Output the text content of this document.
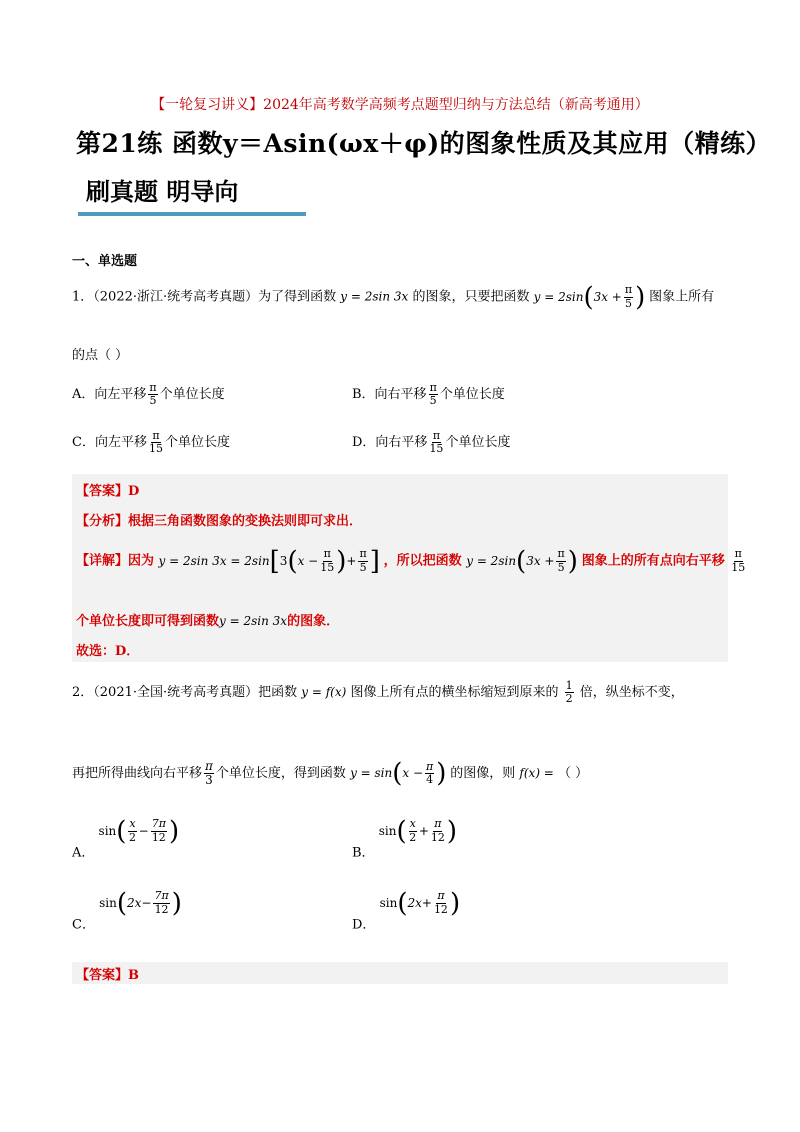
【一轮复习讲义】2024年高考数学高频考点题型归纳与方法总结（新高考通用）
第21练 函数y＝Asin(ωx＋φ)的图象性质及其应用（精练）
刷真题 明导向
一、单选题
1．（2022·浙江·统考高考真题）为了得到函数 y = 2sin 3x 的图象，只要把函数 $y = 2\sin(3x + \frac{\pi}{5}$ ) 图象上所有
的点（ ）
A．向左平移 $\frac{\pi}{5}$ 个单位长度	B．向右平移 $\frac{\pi}{5}$ 个单位长度
C．向左平移 $\frac{\pi}{15}$ 个单位长度	D．向右平移 $\frac{\pi}{15}$ 个单位长度
【答案】D
【分析】根据三角函数图象的变换法则即可求出．
【详解】因为 y = 2sin $3x = 2\sin[3(x - \frac{\pi}{15}$ )+ $\frac{\pi}{5}$ ] ，所以把函数 $y = 2\sin(3x + \frac{\pi}{5}$ ) 图象上的所有点向右平移 $\frac{\pi}{15}$
个单位长度即可得到函数y = 2sin 3x的图象．
故选：D．
2．（2021·全国·统考高考真题）把函数 y = f(x) 图像上所有点的横坐标缩短到原来的 $\frac{1}{2}$ 倍，纵坐标不变，
再把所得曲线向右平移 $\frac{\pi}{3}$ 个单位长度，得到函数 $y = \sin(x - \frac{\pi}{4}$ ) 的图像，则 f(x) = （ ）
A． $\sin( \frac{x}{2} - \frac{7\pi}{12}$ )
B． $\sin( \frac{x}{2} + \frac{\pi}{12}$ )
C． $\sin(2x- \frac{7\pi}{12}$ )
D． $\sin(2x+ \frac{\pi}{12}$ )
【答案】B
